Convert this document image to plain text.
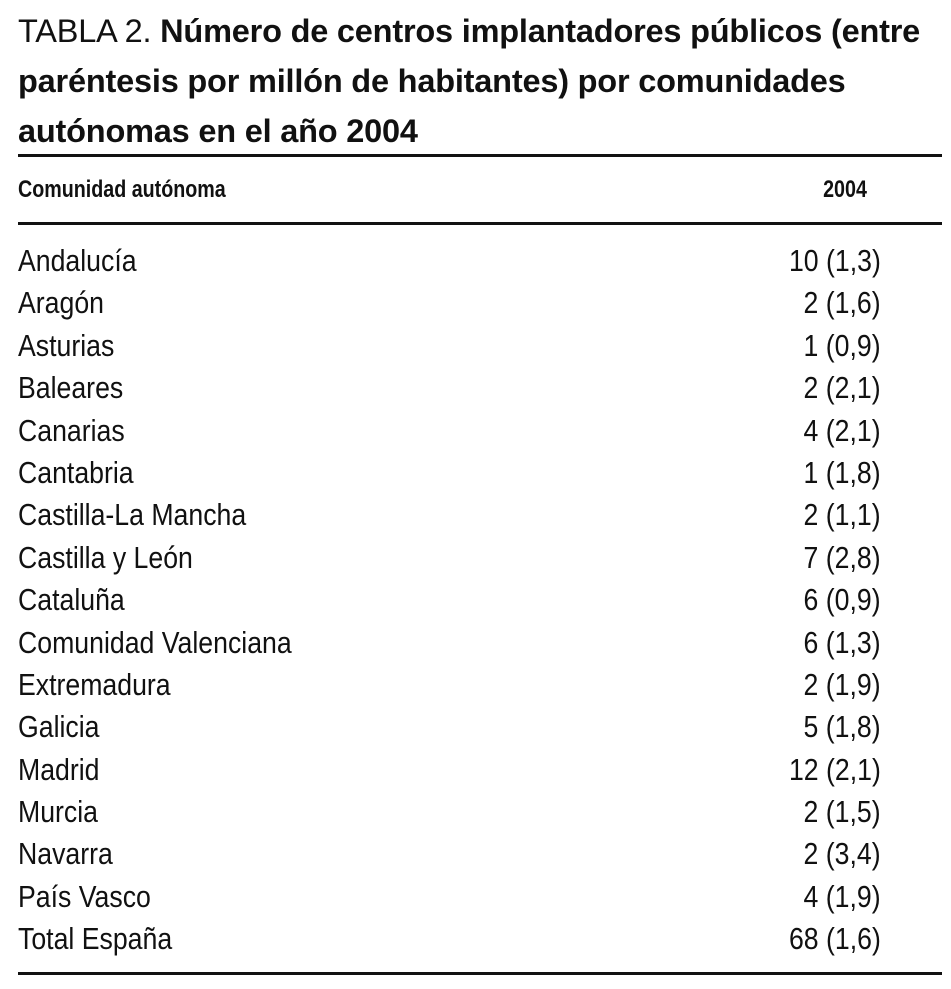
TABLA 2. Número de centros implantadores públicos (entre paréntesis por millón de habitantes) por comunidades autónomas en el año 2004
Comunidad autónoma	2004
Andalucía	10 (1,3)
Aragón	2 (1,6)
Asturias	1 (0,9)
Baleares	2 (2,1)
Canarias	4 (2,1)
Cantabria	1 (1,8)
Castilla-La Mancha	2 (1,1)
Castilla y León	7 (2,8)
Cataluña	6 (0,9)
Comunidad Valenciana	6 (1,3)
Extremadura	2 (1,9)
Galicia	5 (1,8)
Madrid	12 (2,1)
Murcia	2 (1,5)
Navarra	2 (3,4)
País Vasco	4 (1,9)
Total España	68 (1,6)
